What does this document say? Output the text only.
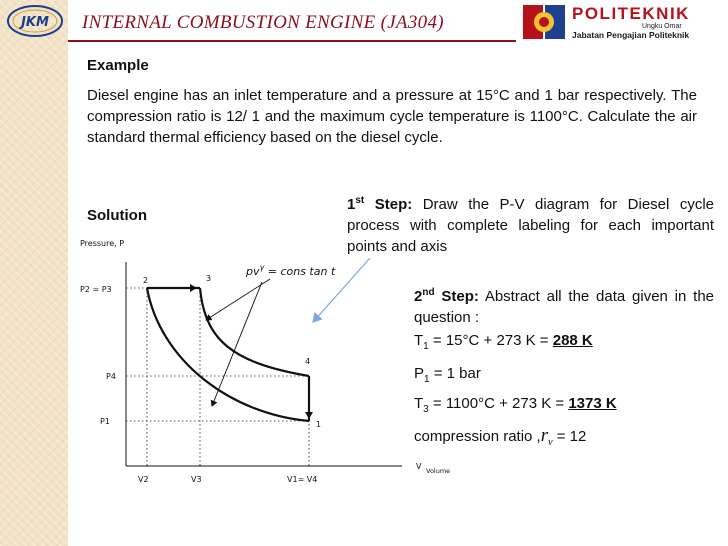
JKM INTERNAL COMBUSTION ENGINE (JA304)	POLITEKNIK
Ungku Omar
Jabatan Pengajian Politeknik
Example
Diesel engine has an inlet temperature and a pressure at 15°C and 1 bar respectively. The compression ratio is 12/ 1 and the maximum cycle temperature is 1100°C. Calculate the air standard thermal efficiency based on the diesel cycle.
Solution
1st Step: Draw the P-V diagram for Diesel cycle process with complete labeling for each important points and axis
2nd Step: Abstract all the data given in the question :
$T_1 = 15^\circ C + 273$ K = 288 K
$P_1 = 1$ bar
$T_3 = 1100^\circ C + 273$ K = 1373 K
compression ratio $,r_v = 12$
Pressure, P
P2 = P3
P4
P1
V2	V3	V1= V4
V Volume
2	3
4
1
$pv^\gamma$ = cons tan t
